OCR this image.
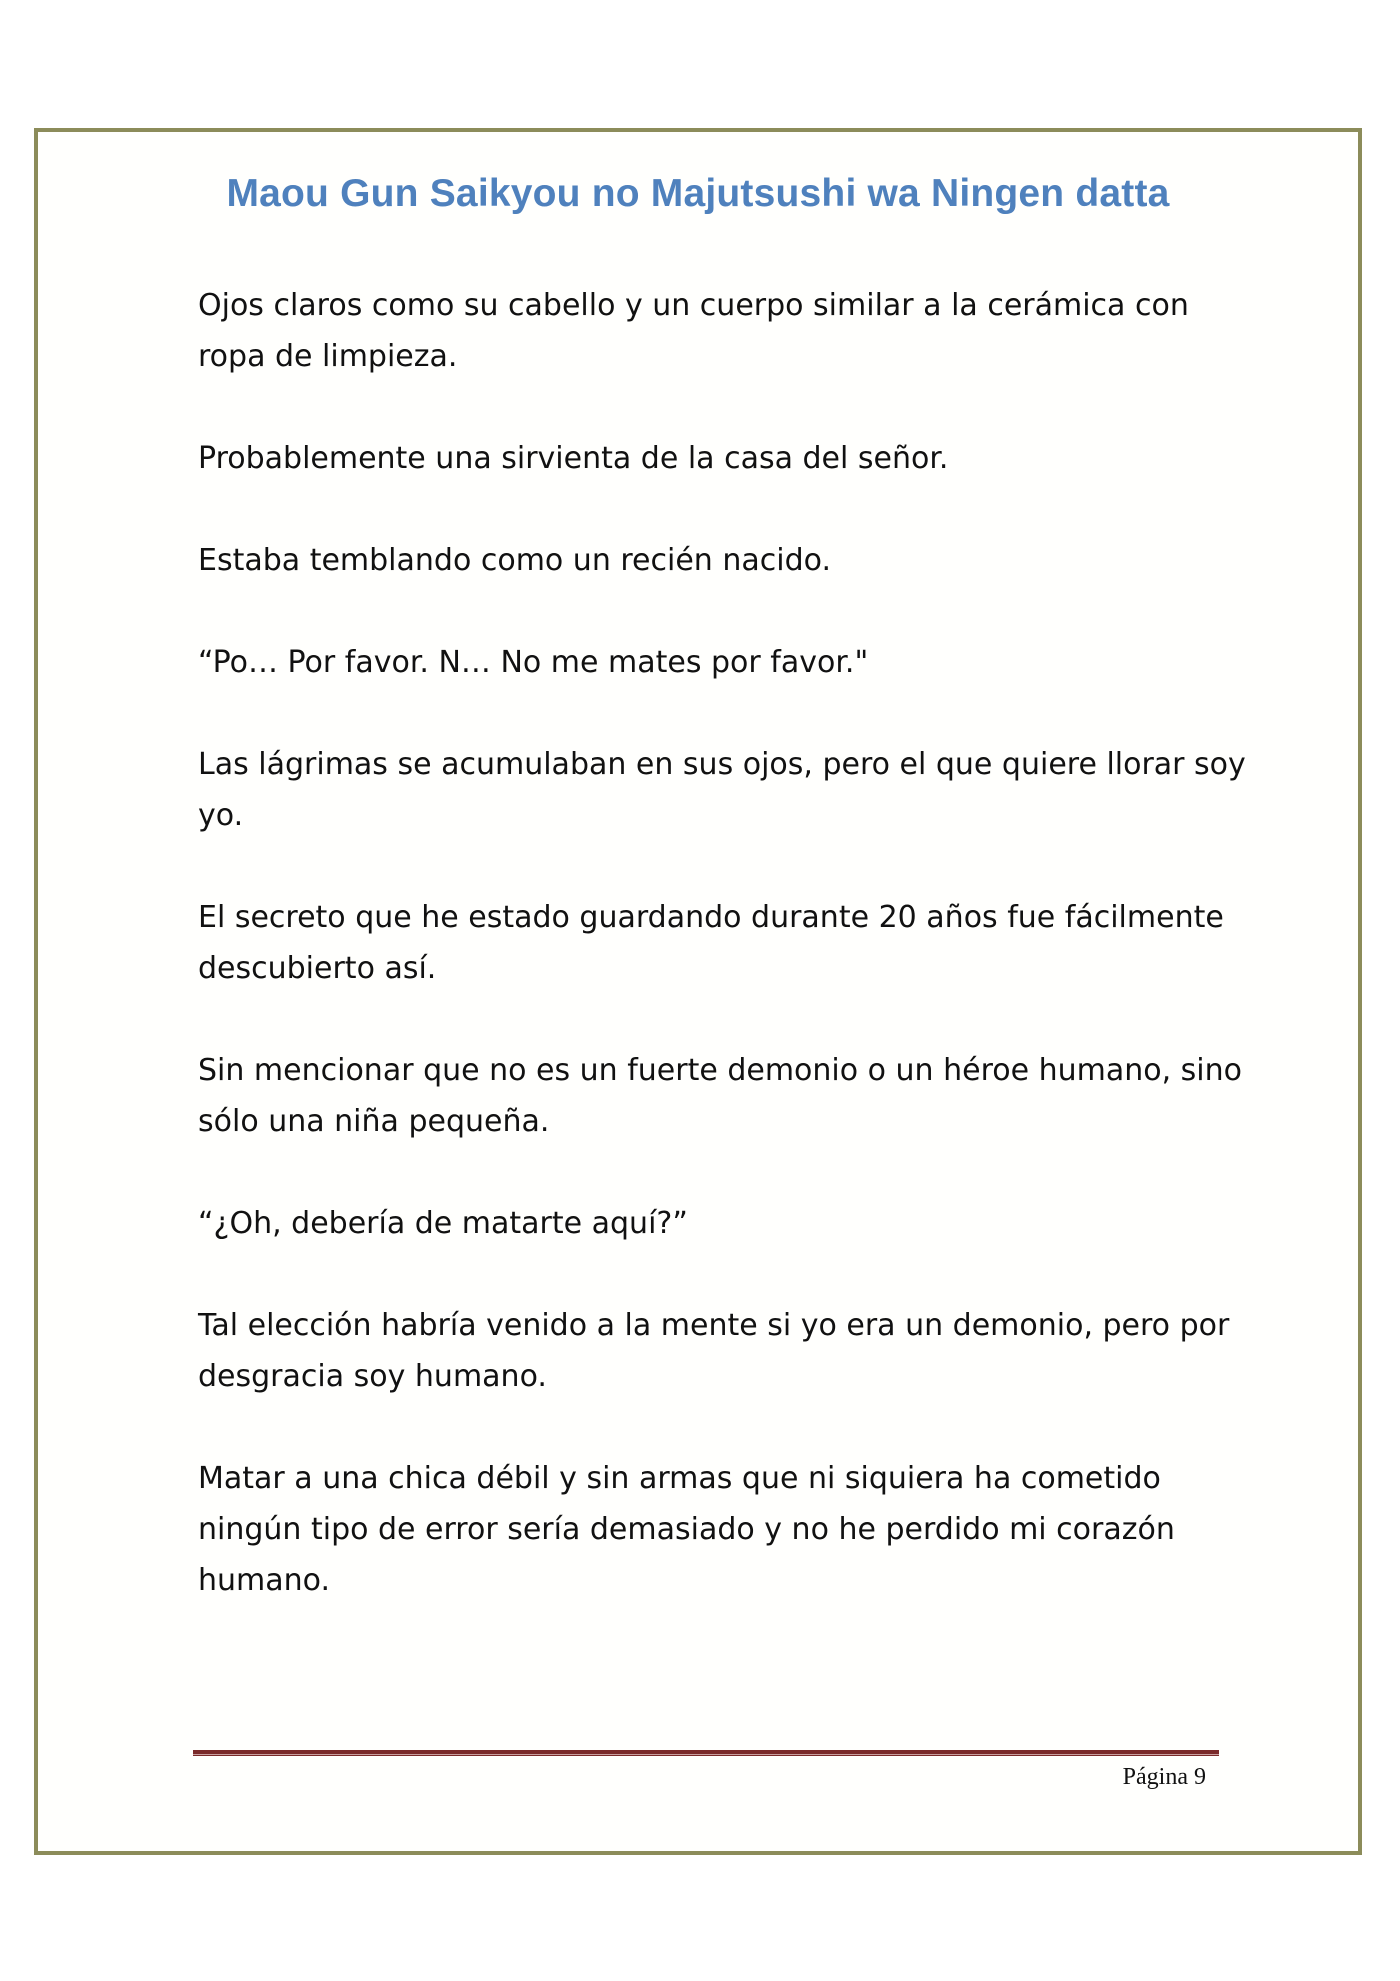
Maou Gun Saikyou no Majutsushi wa Ningen datta

Ojos claros como su cabello y un cuerpo similar a la cerámica con ropa de limpieza.

Probablemente una sirvienta de la casa del señor.

Estaba temblando como un recién nacido.

“Po… Por favor. N… No me mates por favor."

Las lágrimas se acumulaban en sus ojos, pero el que quiere llorar soy yo.

El secreto que he estado guardando durante 20 años fue fácilmente descubierto así.

Sin mencionar que no es un fuerte demonio o un héroe humano, sino sólo una niña pequeña.

“¿Oh, debería de matarte aquí?”

Tal elección habría venido a la mente si yo era un demonio, pero por desgracia soy humano.

Matar a una chica débil y sin armas que ni siquiera ha cometido ningún tipo de error sería demasiado y no he perdido mi corazón humano.

Página 9
